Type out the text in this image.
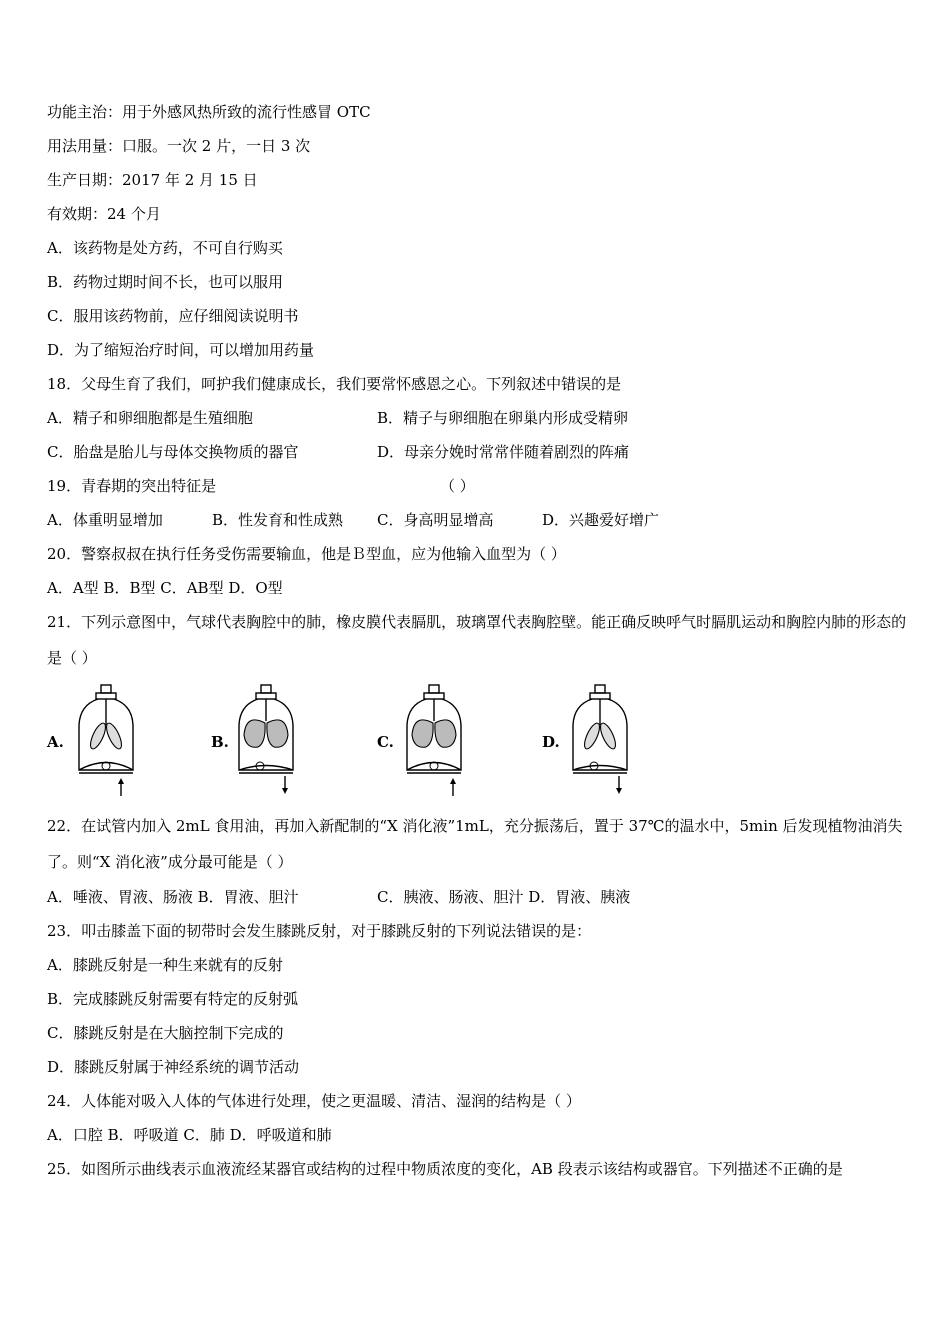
功能主治：用于外感风热所致的流行性感冒 OTC
用法用量：口服。一次 2 片，一日 3 次
生产日期：2017 年 2 月 15 日
有效期：24 个月
A．该药物是处方药，不可自行购买
B．药物过期时间不长，也可以服用
C．服用该药物前，应仔细阅读说明书
D．为了缩短治疗时间，可以增加用药量
18．父母生育了我们，呵护我们健康成长，我们要常怀感恩之心。下列叙述中错误的是
A．精子和卵细胞都是生殖细胞	B．精子与卵细胞在卵巢内形成受精卵
C．胎盘是胎儿与母体交换物质的器官	D．母亲分娩时常常伴随着剧烈的阵痛
19．青春期的突出特征是	（ ）
A．体重明显增加	B．性发育和性成熟 C．身高明显增高	D．兴趣爱好增广
20．警察叔叔在执行任务受伤需要输血，他是Ｂ型血，应为他输入血型为（ ）
A．A型 B．B型 C．AB型 D．O型
21．下列示意图中，气球代表胸腔中的肺，橡皮膜代表膈肌，玻璃罩代表胸腔壁。能正确反映呼气时膈肌运动和胸腔内肺的形态的是（ ）
A.	B.	C.	D.
22．在试管内加入 2mL 食用油，再加入新配制的“X 消化液”1mL，充分振荡后，置于 37℃的温水中，5min 后发现植物油消失了。则“X 消化液”成分最可能是（ ）
A．唾液、胃液、肠液 B．胃液、胆汁	C．胰液、肠液、胆汁 D．胃液、胰液
23．叩击膝盖下面的韧带时会发生膝跳反射，对于膝跳反射的下列说法错误的是：
A．膝跳反射是一种生来就有的反射
B．完成膝跳反射需要有特定的反射弧
C．膝跳反射是在大脑控制下完成的
D．膝跳反射属于神经系统的调节活动
24．人体能对吸入人体的气体进行处理，使之更温暖、清洁、湿润的结构是（ ）
A．口腔 B．呼吸道 C．肺 D．呼吸道和肺
25．如图所示曲线表示血液流经某器官或结构的过程中物质浓度的变化，AB 段表示该结构或器官。下列描述不正确的是
